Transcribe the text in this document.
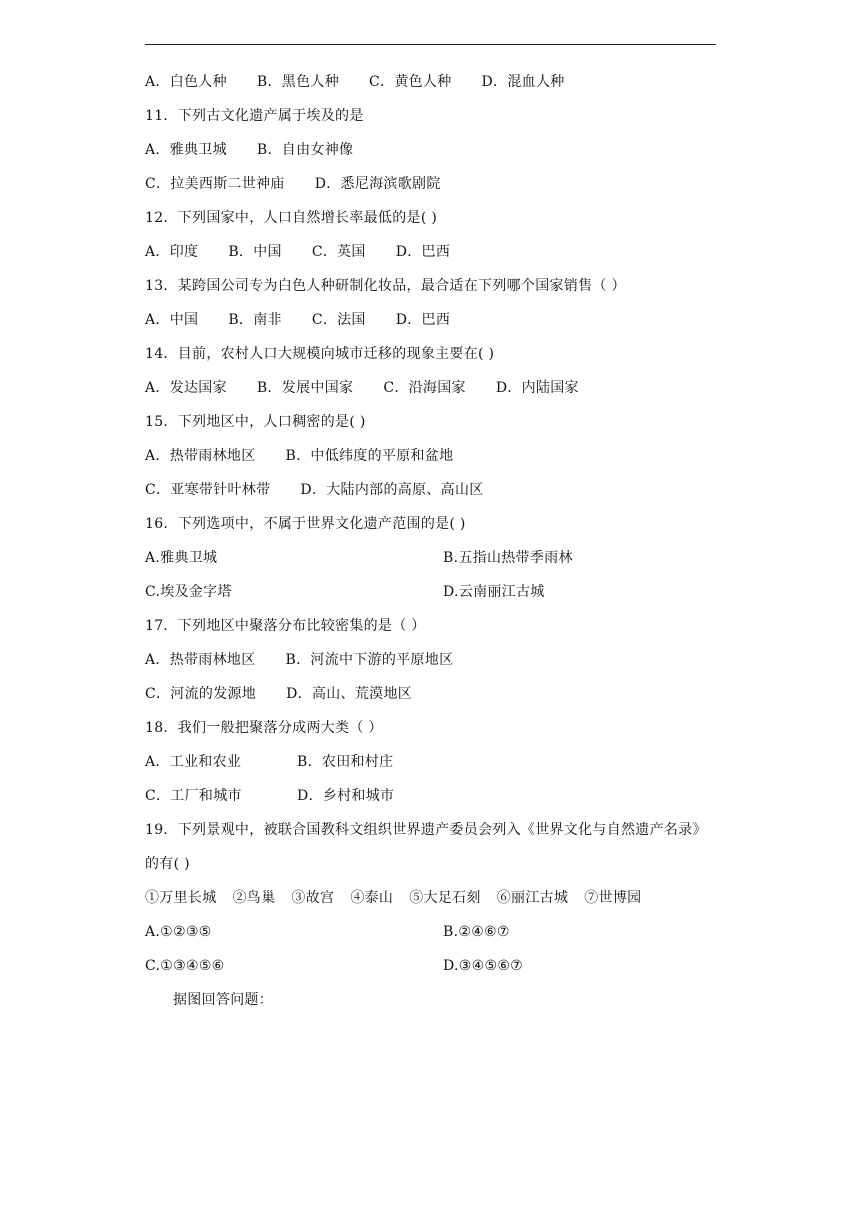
A．白色人种 B．黑色人种 C．黄色人种 D．混血人种
11．下列古文化遗产属于埃及的是
A．雅典卫城 B．自由女神像
C．拉美西斯二世神庙 D．悉尼海滨歌剧院
12．下列国家中，人口自然增长率最低的是( )
A．印度 B．中国 C．英国 D．巴西
13．某跨国公司专为白色人种研制化妆品，最合适在下列哪个国家销售（ ）
A．中国 B．南非 C．法国 D．巴西
14．目前，农村人口大规模向城市迁移的现象主要在( )
A．发达国家 B．发展中国家 C．沿海国家 D．内陆国家
15．下列地区中，人口稠密的是( )
A．热带雨林地区 B．中低纬度的平原和盆地
C．亚寒带针叶林带 D．大陆内部的高原、高山区
16．下列选项中，不属于世界文化遗产范围的是( )
A.雅典卫城	B.五指山热带季雨林
C.埃及金字塔	D.云南丽江古城
17．下列地区中聚落分布比较密集的是（ ）
A．热带雨林地区 B．河流中下游的平原地区
C．河流的发源地 D．高山、荒漠地区
18．我们一般把聚落分成两大类（ ）
A．工业和农业	B．农田和村庄
C．工厂和城市	D．乡村和城市
19．下列景观中，被联合国教科文组织世界遗产委员会列入《世界文化与自然遗产名录》
的有( )
①万里长城 ②鸟巢 ③故宫 ④泰山 ⑤大足石刻 ⑥丽江古城 ⑦世博园
A.①②③⑤	B.②④⑥⑦
C.①③④⑤⑥	D.③④⑤⑥⑦
据图回答问题：
